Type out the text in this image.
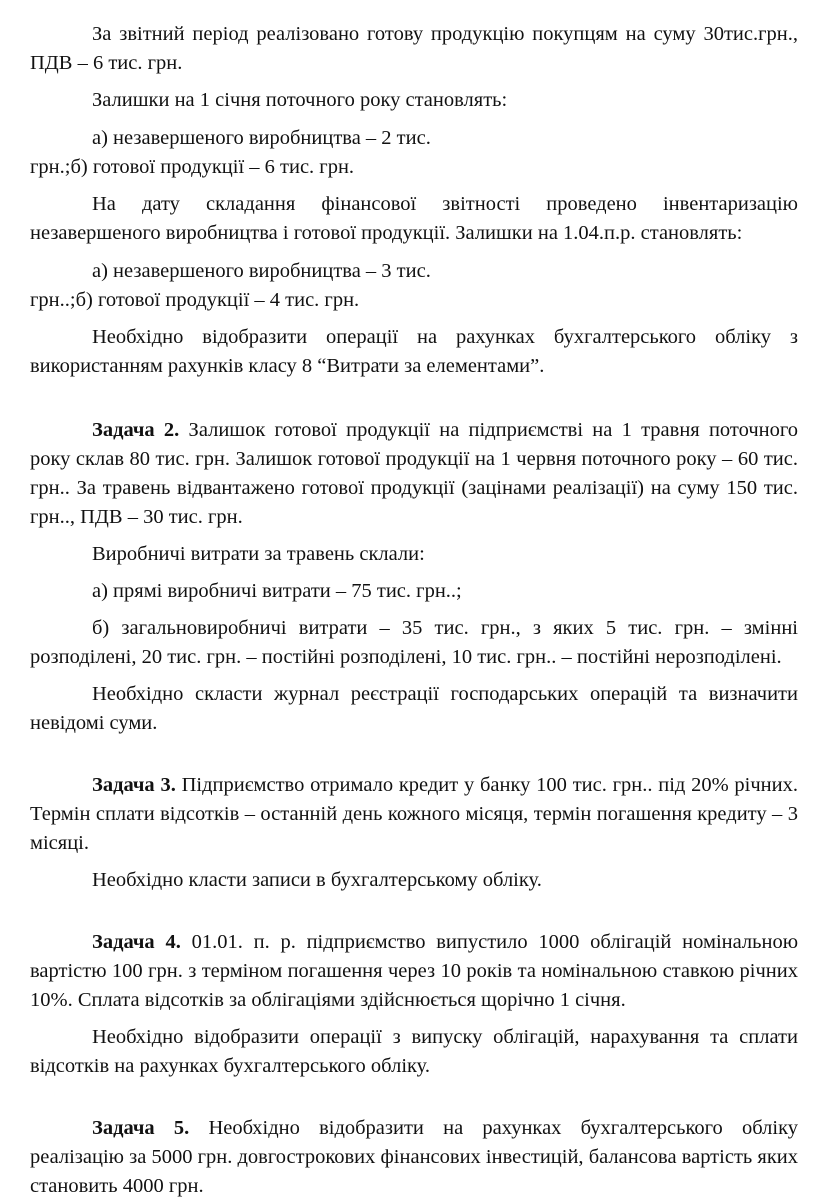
За звітний період реалізовано готову продукцію покупцям на суму 30тис.грн., ПДВ – 6 тис. грн.

Залишки на 1 січня поточного року становлять:

а) незавершеного виробництва – 2 тис.

грн.;б) готової продукції – 6 тис. грн.

На дату складання фінансової звітності проведено інвентаризацію незавершеного виробництва і готової продукції. Залишки на 1.04.п.р. становлять:

а) незавершеного виробництва – 3 тис.

грн..;б) готової продукції – 4 тис. грн.

Необхідно відобразити операції на рахунках бухгалтерського обліку з використанням рахунків класу 8 “Витрати за елементами”.

Задача 2. Залишок готової продукції на підприємстві на 1 травня поточного року склав 80 тис. грн. Залишок готової продукції на 1 червня поточного року – 60 тис. грн.. За травень відвантажено готової продукції (зацінами реалізації) на суму 150 тис. грн.., ПДВ – 30 тис. грн.

Виробничі витрати за травень склали:

а) прямі виробничі витрати – 75 тис. грн..;

б) загальновиробничі витрати – 35 тис. грн., з яких 5 тис. грн. – змінні розподілені, 20 тис. грн. – постійні розподілені, 10 тис. грн.. – постійні нерозподілені.

Необхідно скласти журнал реєстрації господарських операцій та визначити невідомі суми.

Задача 3. Підприємство отримало кредит у банку 100 тис. грн.. під 20% річних. Термін сплати відсотків – останній день кожного місяця, термін погашення кредиту – 3 місяці.

Необхідно класти записи в бухгалтерському обліку.

Задача 4. 01.01. п. р. підприємство випустило 1000 облігацій номінальною вартістю 100 грн. з терміном погашення через 10 років та номінальною ставкою річних 10%. Сплата відсотків за облігаціями здійснюється щорічно 1 січня.

Необхідно відобразити операції з випуску облігацій, нарахування та сплати відсотків на рахунках бухгалтерського обліку.

Задача 5. Необхідно відобразити на рахунках бухгалтерського обліку реалізацію за 5000 грн. довгострокових фінансових інвестицій, балансова вартість яких становить 4000 грн.
